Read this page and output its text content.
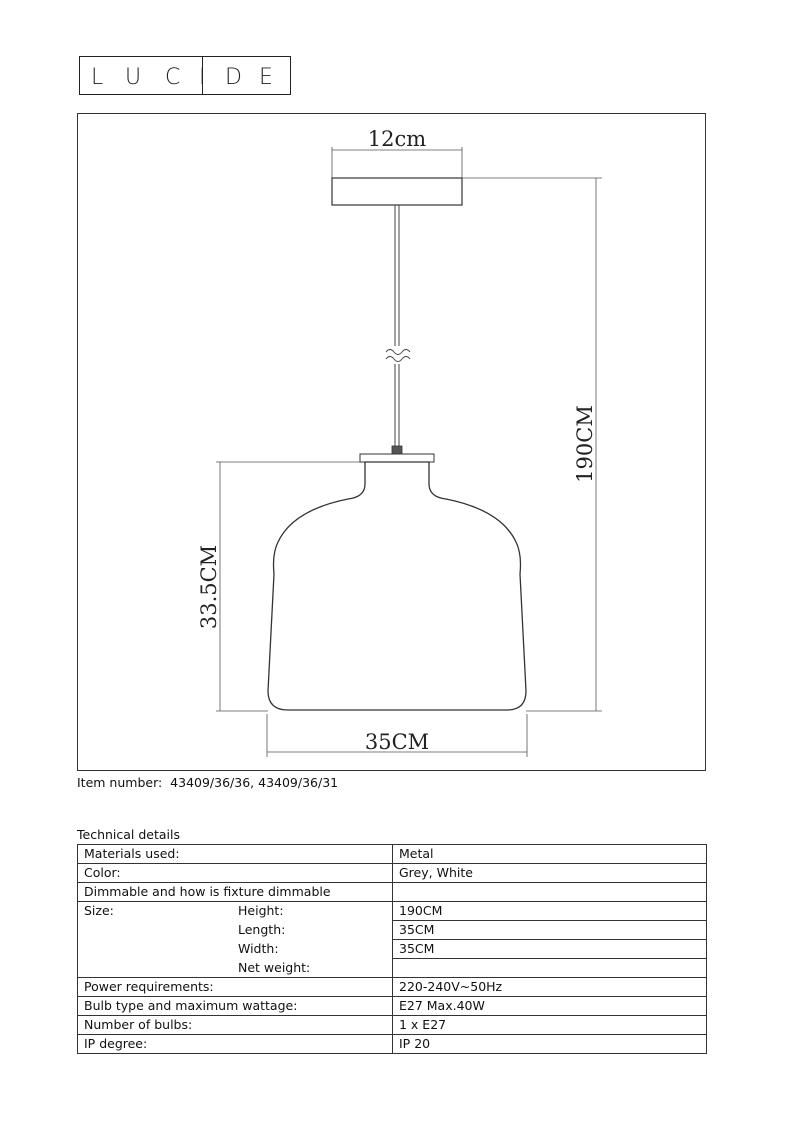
L U C I D E
12cm
190CM
33.5CM
35CM
Item number: 43409/36/36, 43409/36/31
Technical details
Materials used:	Metal
Color:	Grey, White
Dimmable and how is fixture dimmable	
Size: Height:	190CM

Length:	35CM

Width:	35CM

Net weight:	

Power requirements:	220-240V~50Hz
Bulb type and maximum wattage:	E27 Max.40W
Number of bulbs:	1 x E27
IP degree:	IP 20
